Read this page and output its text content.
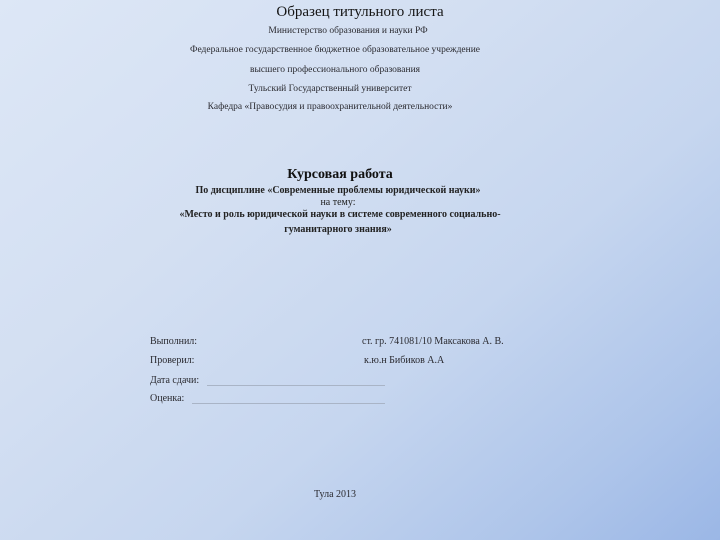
Образец титульного листа
Министерство образования и науки РФ
Федеральное государственное бюджетное образовательное учреждение
высшего профессионального образования
Тульский Государственный университет
Кафедра «Правосудия и правоохранительной деятельности»
Курсовая работа
По дисциплине «Современные проблемы юридической науки»
на тему:
«Место и роль юридической науки в системе современного социально-
гуманитарного знания»
Выполнил:	ст. гр. 741081/10 Максакова А. В.
Проверил:	к.ю.н Бибиков А.А
Дата сдачи:
Оценка:
Тула 2013
